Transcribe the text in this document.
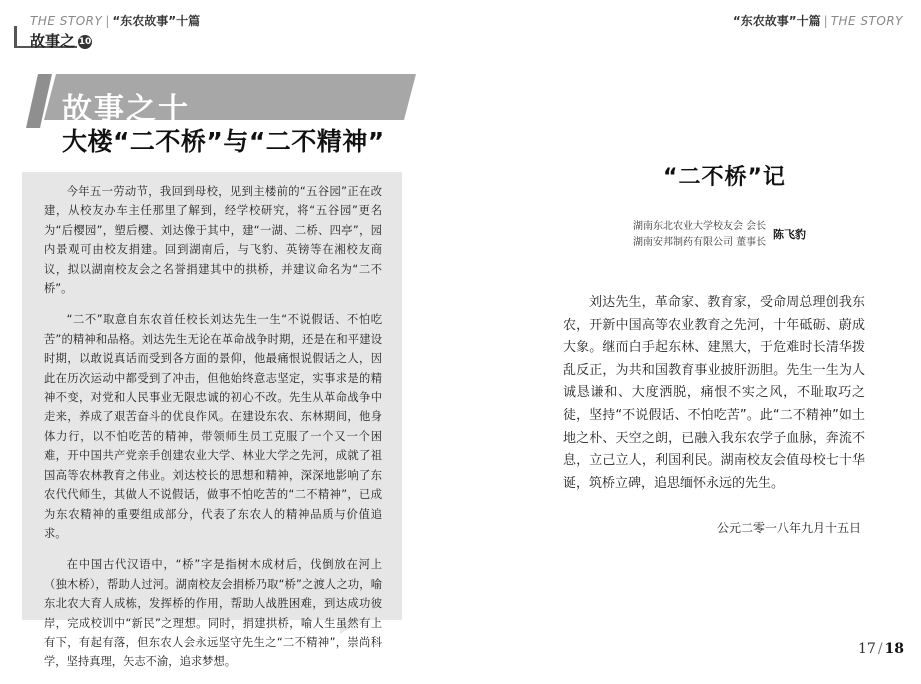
THE STORY | “东农故事”十篇
故事之 10
“东农故事”十篇 | THE STORY
故事之十
大楼“二不桥”与“二不精神”

今年五一劳动节，我回到母校，见到主楼前的“五谷园”正在改建，从校友办车主任那里了解到，经学校研究，将“五谷园”更名为“后樱园”，塑后樱、刘达像于其中，建“一湖、二桥、四亭”，园内景观可由校友捐建。回到湖南后，与飞豹、英镑等在湘校友商议，拟以湖南校友会之名誉捐建其中的拱桥，并建议命名为“二不桥”。

“二不”取意自东农首任校长刘达先生一生“不说假话、不怕吃苦”的精神和品格。刘达先生无论在革命战争时期，还是在和平建设时期，以敢说真话而受到各方面的景仰，他最痛恨说假话之人，因此在历次运动中都受到了冲击，但他始终意志坚定，实事求是的精神不变，对党和人民事业无限忠诚的初心不改。先生从革命战争中走来，养成了艰苦奋斗的优良作风。在建设东农、东林期间，他身体力行，以不怕吃苦的精神，带领师生员工克服了一个又一个困难，开中国共产党亲手创建农业大学、林业大学之先河，成就了祖国高等农林教育之伟业。刘达校长的思想和精神，深深地影响了东农代代师生，其做人不说假话，做事不怕吃苦的“二不精神”，已成为东农精神的重要组成部分，代表了东农人的精神品质与价值追求。

在中国古代汉语中，“桥”字是指树木成材后，伐倒放在河上（独木桥），帮助人过河。湖南校友会捐桥乃取“桥”之渡人之功，喻东北农大育人成栋，发挥桥的作用，帮助人战胜困难，到达成功彼岸，完成校训中“新民”之理想。同时，捐建拱桥，喻人生虽然有上有下，有起有落，但东农人会永远坚守先生之“二不精神”，崇尚科学，坚持真理，矢志不渝，追求梦想。

“二不桥”记
湖南东北农业大学校友会 会长
湖南安邦制药有限公司 董事长
陈飞豹
刘达先生，革命家、教育家，受命周总理创我东农，开新中国高等农业教育之先河，十年砥砺、蔚成大象。继而白手起东林、建黑大，于危难时长清华拨乱反正，为共和国教育事业披肝沥胆。先生一生为人诚恳谦和、大度洒脱，痛恨不实之风，不耻取巧之徒，坚持“不说假话、不怕吃苦”。此“二不精神”如土地之朴、天空之朗，已融入我东农学子血脉，奔流不息，立己立人，利国利民。湖南校友会值母校七十华诞，筑桥立碑，追思缅怀永远的先生。
公元二零一八年九月十五日
17 / 18
